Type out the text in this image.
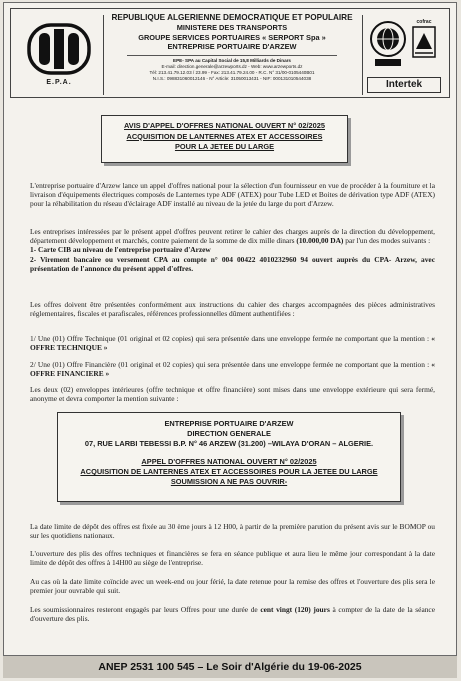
E.P.A.
REPUBLIQUE ALGERIENNE DEMOCRATIQUE ET POPULAIRE
MINISTERE DES TRANSPORTS
GROUPE SERVICES PORTUAIRES « SERPORT Spa »
ENTREPRISE PORTUAIRE D'ARZEW
EPE- SPA au Capital Social de 15,8 Milliards de Dinars
E-mail: direction.generale@arzewports.dz - Web: www.arzewports.dz
Tél: 213.41.79.12.03 / 23.99 - Fax: 213.41.79.24.00 - R.C. N° 31/00-0105440B01
N.I.S.: 098831060012146 - N° Article: 31050013431 - NIF: 000131010544038
cofrac
Intertek
AVIS D'APPEL D'OFFRES NATIONAL OUVERT N° 02/2025
ACQUISITION DE LANTERNES ATEX ET ACCESSOIRES
POUR LA JETEE DU LARGE
L'entreprise portuaire d'Arzew lance un appel d'offres national pour la sélection d'un fournisseur en vue de procéder à la fourniture et la livraison d'équipements électriques composés de Lanternes type ADF (ATEX) pour Tube LED et Boites de dérivation type ADF (ATEX) pour la réhabilitation du réseau d'éclairage ADF installé au niveau de la jetée du large du port d'Arzew.
Les entreprises intéressées par le présent appel d'offres peuvent retirer le cahier des charges auprès de la direction du développement, département développement et marchés, contre paiement de la somme de dix mille dinars (10.000,00 DA) par l'un des modes suivants :
1- Carte CIB au niveau de l'entreprise portuaire d'Arzew
2- Virement bancaire ou versement CPA au compte n° 004 00422 4010232960 94 ouvert auprès du CPA- Arzew, avec présentation de l'annonce du présent appel d'offres.
Les offres doivent être présentées conformément aux instructions du cahier des charges accompagnées des pièces administratives réglementaires, fiscales et parafiscales, références professionnelles dûment authentifiées :
1/ Une (01) Offre Technique (01 original et 02 copies) qui sera présentée dans une enveloppe fermée ne comportant que la mention : « OFFRE TECHNIQUE »
2/ Une (01) Offre Financière (01 original et 02 copies) qui sera présentée dans une enveloppe fermée ne comportant que la mention : « OFFRE FINANCIERE »
Les deux (02) enveloppes intérieures (offre technique et offre financière) sont mises dans une enveloppe extérieure qui sera fermé, anonyme et devra comporter la mention suivante :
ENTREPRISE PORTUAIRE D'ARZEW
DIRECTION GENERALE
07, RUE LARBI TEBESSI B.P. N° 46 ARZEW (31.200) –WILAYA D'ORAN – ALGERIE.
APPEL D'OFFRES NATIONAL OUVERT N° 02/2025
ACQUISITION DE LANTERNES ATEX ET ACCESSOIRES POUR LA JETEE DU LARGE
SOUMISSION A NE PAS OUVRIR-
La date limite de dépôt des offres est fixée au 30 ème jours à 12 H00, à partir de la première parution du présent avis sur le BOMOP ou sur les quotidiens nationaux.
L'ouverture des plis des offres techniques et financières se fera en séance publique et aura lieu le même jour correspondant à la date limite de dépôt des offres à 14H00 au siège de l'entreprise.
Au cas où la date limite coïncide avec un week-end ou jour férié, la date retenue pour la remise des offres et l'ouverture des plis sera le premier jour ouvrable qui suit.
Les soumissionnaires resteront engagés par leurs Offres pour une durée de cent vingt (120) jours à compter de la date de la séance d'ouverture des plis.
ANEP 2531 100 545 – Le Soir d'Algérie du 19-06-2025
